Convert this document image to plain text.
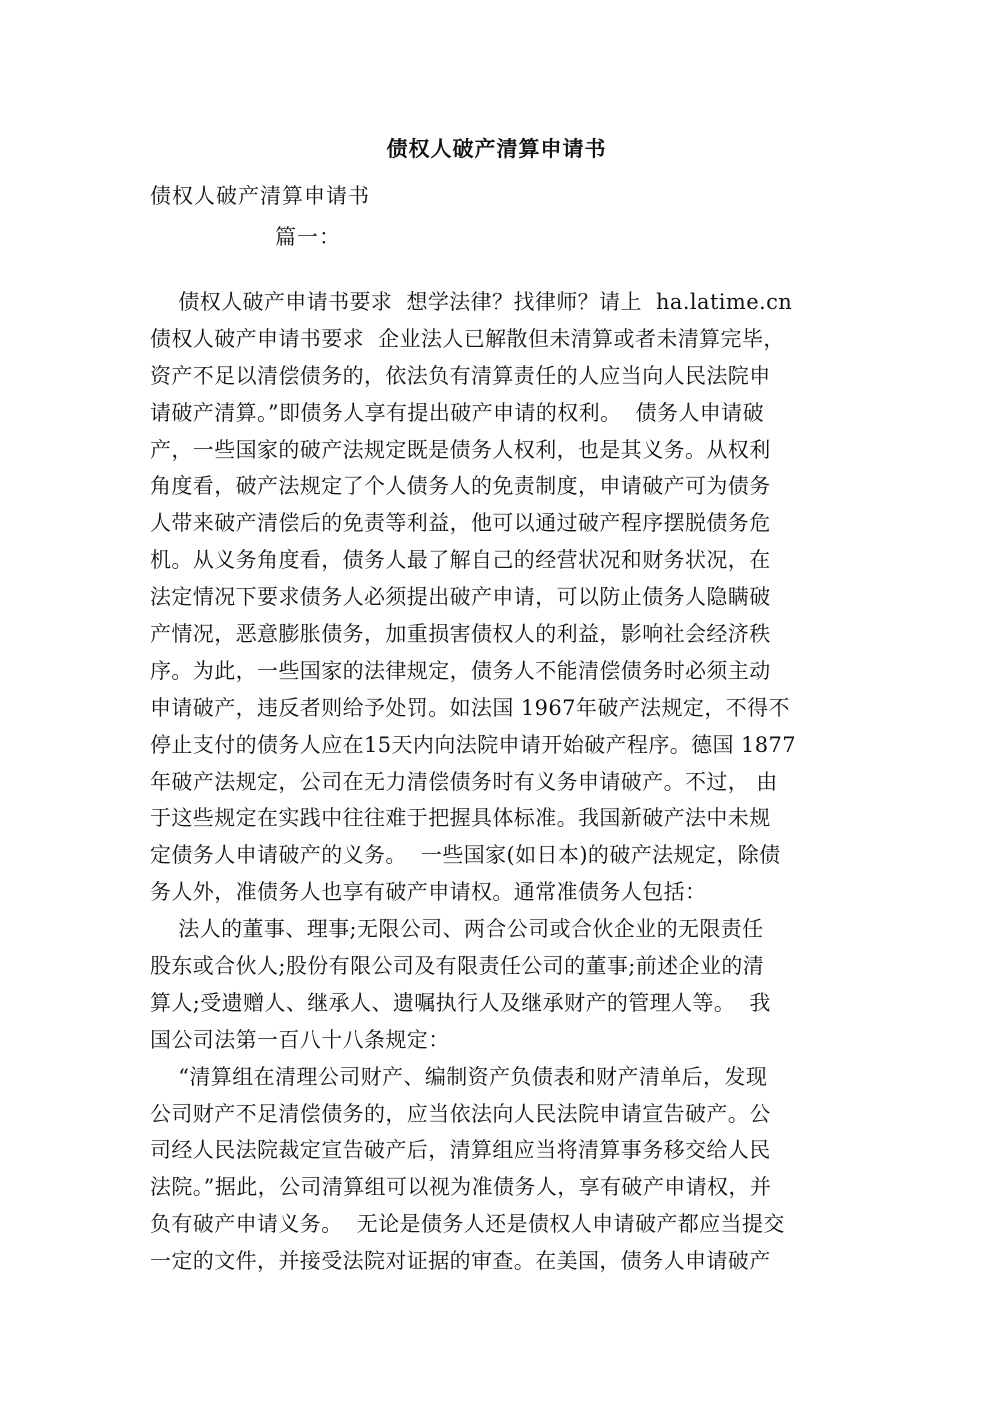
债权人破产清算申请书
债权人破产清算申请书
篇一：
债权人破产申请书要求  想学法律？找律师？请上  ha.latime.cn
债权人破产申请书要求  企业法人已解散但未清算或者未清算完毕，
资产不足以清偿债务的，依法负有清算责任的人应当向人民法院申
请破产清算。”即债务人享有提出破产申请的权利。  债务人申请破
产，一些国家的破产法规定既是债务人权利，也是其义务。从权利
角度看，破产法规定了个人债务人的免责制度，申请破产可为债务
人带来破产清偿后的免责等利益，他可以通过破产程序摆脱债务危
机。从义务角度看，债务人最了解自己的经营状况和财务状况，在
法定情况下要求债务人必须提出破产申请，可以防止债务人隐瞒破
产情况，恶意膨胀债务，加重损害债权人的利益，影响社会经济秩
序。为此，一些国家的法律规定，债务人不能清偿债务时必须主动
申请破产，违反者则给予处罚。如法国 1967年破产法规定，不得不
停止支付的债务人应在15天内向法院申请开始破产程序。德国 1877
年破产法规定，公司在无力清偿债务时有义务申请破产。不过， 由
于这些规定在实践中往往难于把握具体标准。我国新破产法中未规
定债务人申请破产的义务。  一些国家(如日本)的破产法规定，除债
务人外，准债务人也享有破产申请权。通常准债务人包括：
法人的董事、理事;无限公司、两合公司或合伙企业的无限责任
股东或合伙人;股份有限公司及有限责任公司的董事;前述企业的清
算人;受遗赠人、继承人、遗嘱执行人及继承财产的管理人等。  我
国公司法第一百八十八条规定：
“清算组在清理公司财产、编制资产负债表和财产清单后，发现
公司财产不足清偿债务的，应当依法向人民法院申请宣告破产。公
司经人民法院裁定宣告破产后，清算组应当将清算事务移交给人民
法院。”据此，公司清算组可以视为准债务人，享有破产申请权，并
负有破产申请义务。  无论是债务人还是债权人申请破产都应当提交
一定的文件，并接受法院对证据的审查。在美国，债务人申请破产
